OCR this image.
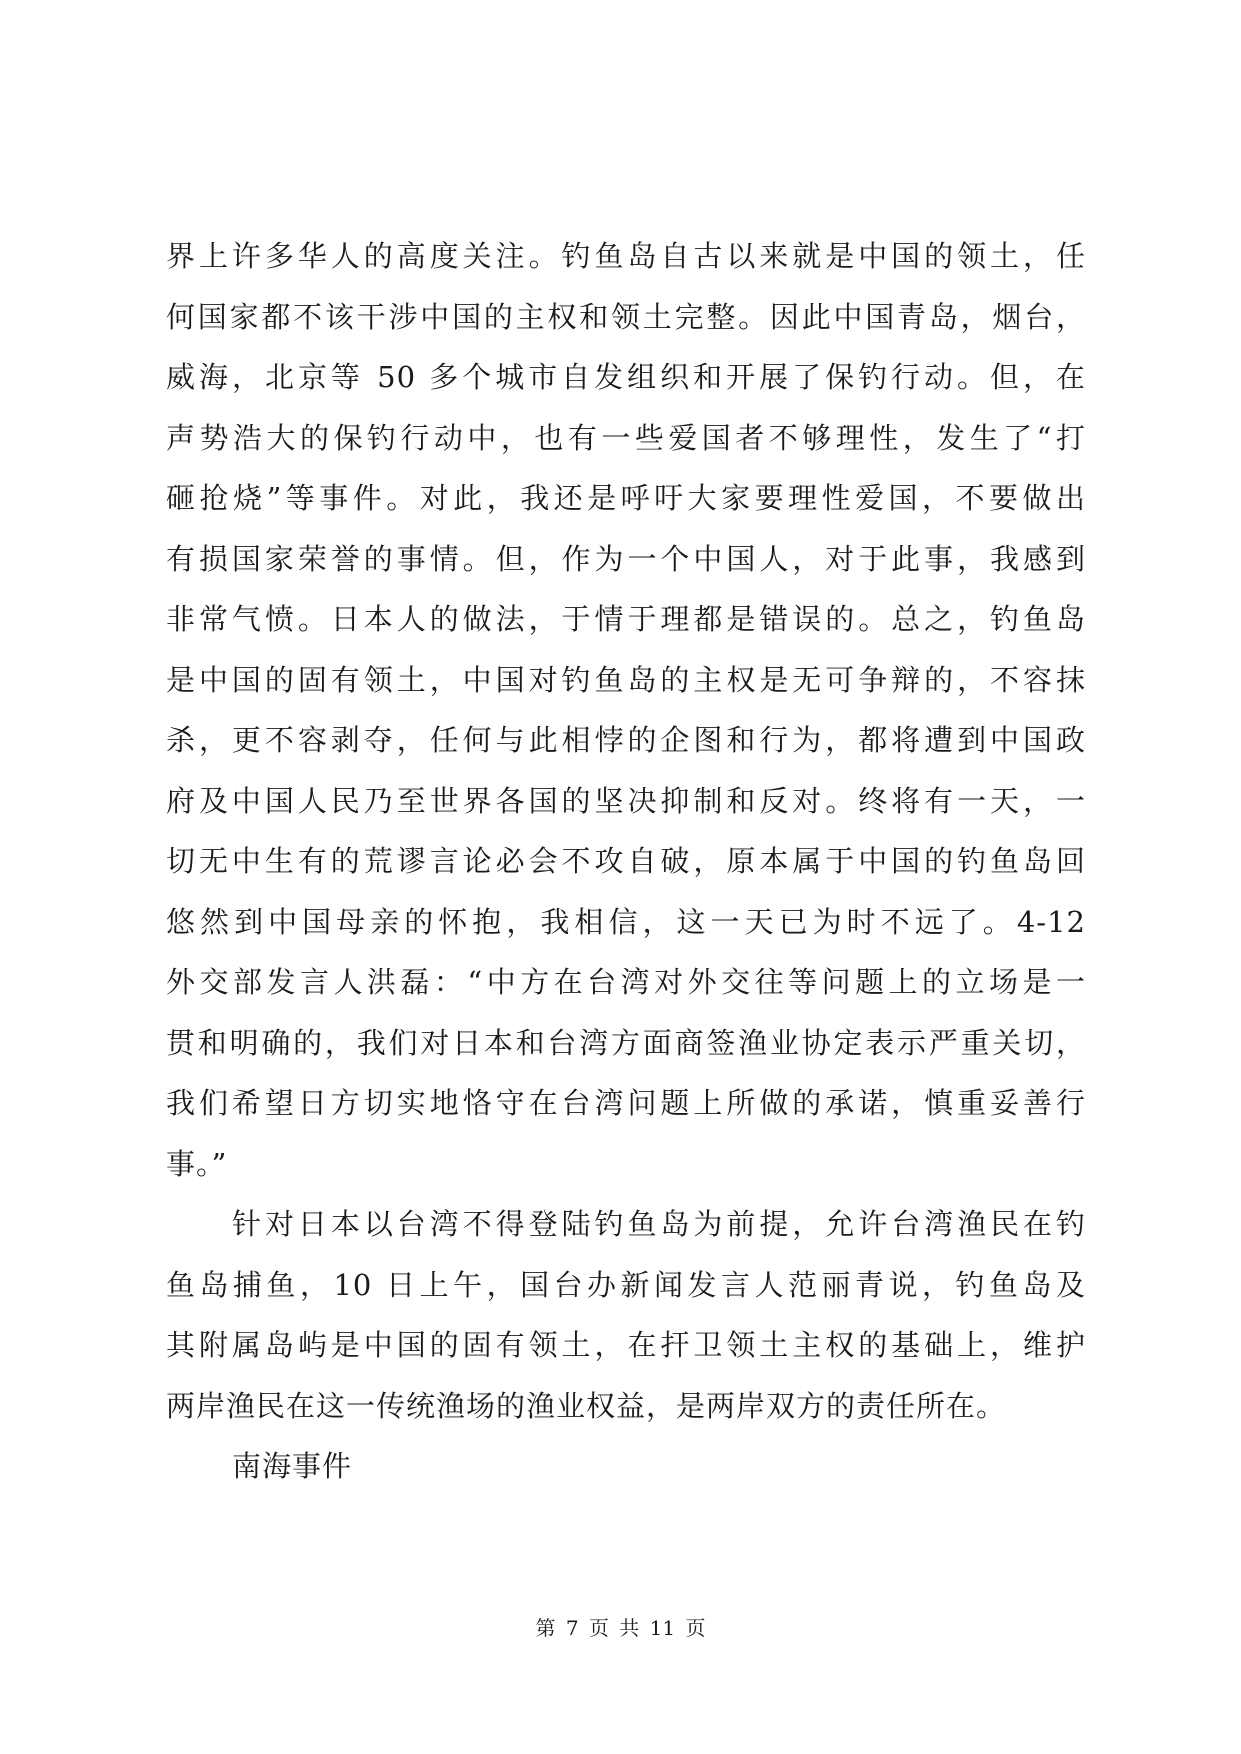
界上许多华人的高度关注。钓鱼岛自古以来就是中国的领土，任
何国家都不该干涉中国的主权和领土完整。因此中国青岛，烟台，
威海，北京等 50 多个城市自发组织和开展了保钓行动。但，在
声势浩大的保钓行动中，也有一些爱国者不够理性，发生了“打
砸抢烧”等事件。对此，我还是呼吁大家要理性爱国，不要做出
有损国家荣誉的事情。但，作为一个中国人，对于此事，我感到
非常气愤。日本人的做法，于情于理都是错误的。总之，钓鱼岛
是中国的固有领土，中国对钓鱼岛的主权是无可争辩的，不容抹
杀，更不容剥夺，任何与此相悖的企图和行为，都将遭到中国政
府及中国人民乃至世界各国的坚决抑制和反对。终将有一天，一
切无中生有的荒谬言论必会不攻自破，原本属于中国的钓鱼岛回
悠然到中国母亲的怀抱，我相信，这一天已为时不远了。4-12
外交部发言人洪磊：“中方在台湾对外交往等问题上的立场是一
贯和明确的，我们对日本和台湾方面商签渔业协定表示严重关切，
我们希望日方切实地恪守在台湾问题上所做的承诺，慎重妥善行
事。”

针对日本以台湾不得登陆钓鱼岛为前提，允许台湾渔民在钓
鱼岛捕鱼，10 日上午，国台办新闻发言人范丽青说，钓鱼岛及
其附属岛屿是中国的固有领土，在扞卫领土主权的基础上，维护
两岸渔民在这一传统渔场的渔业权益，是两岸双方的责任所在。

南海事件

第 7 页 共 11 页
